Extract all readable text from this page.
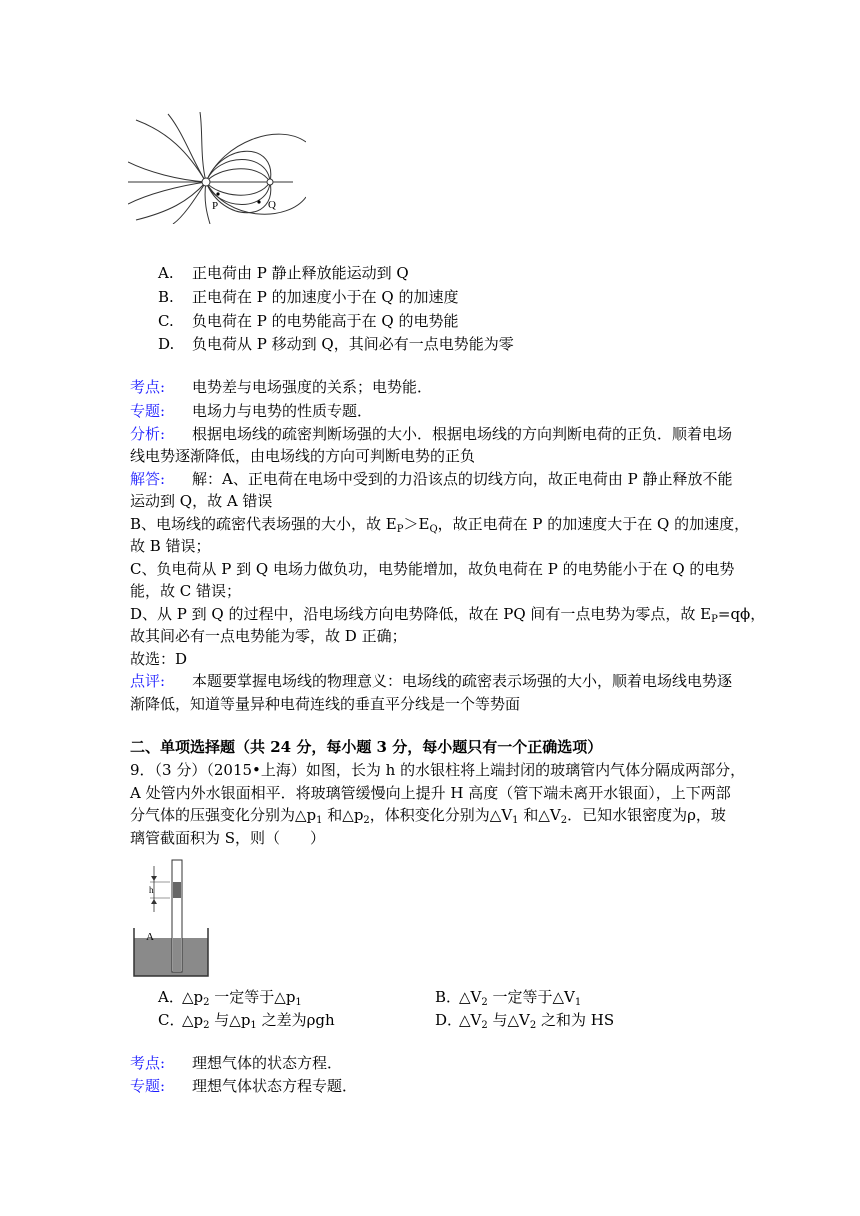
P	Q
A. 正电荷由 P 静止释放能运动到 Q
B. 正电荷在 P 的加速度小于在 Q 的加速度
C. 负电荷在 P 的电势能高于在 Q 的电势能
D. 负电荷从 P 移动到 Q，其间必有一点电势能为零
考点: 电势差与电场强度的关系；电势能．
专题: 电场力与电势的性质专题．
分析: 根据电场线的疏密判断场强的大小．根据电场线的方向判断电荷的正负．顺着电场
线电势逐渐降低，由电场线的方向可判断电势的正负
解答: 解：A、正电荷在电场中受到的力沿该点的切线方向，故正电荷由 P 静止释放不能
运动到 Q，故 A 错误
B、电场线的疏密代表场强的大小，故 $E_P>E_Q$，故正电荷在 P 的加速度大于在 Q 的加速度，
故 B 错误；
C、负电荷从 P 到 Q 电场力做负功，电势能增加，故负电荷在 P 的电势能小于在 Q 的电势
能，故 C 错误；
D、从 P 到 Q 的过程中，沿电场线方向电势降低，故在 PQ 间有一点电势为零点，故 $E_P=q\phi$，
故其间必有一点电势能为零，故 D 正确；
故选：D
点评: 本题要掌握电场线的物理意义：电场线的疏密表示场强的大小，顺着电场线电势逐
渐降低，知道等量异种电荷连线的垂直平分线是一个等势面
二、单项选择题（共 24 分，每小题 3 分，每小题只有一个正确选项）
9．（3 分）（2015•上海）如图，长为 h 的水银柱将上端封闭的玻璃管内气体分隔成两部分，
A 处管内外水银面相平．将玻璃管缓慢向上提升 H 高度（管下端未离开水银面），上下两部
分气体的压强变化分别为$\triangle p_1$ 和$\triangle p_2$，体积变化分别为$\triangle V_1$ 和$\triangle V_2$．已知水银密度为ρ，玻
璃管截面积为 S，则（　　）
h
A
A．$\triangle p_2$ 一定等于$\triangle p_1$	B．$\triangle V_2$ 一定等于$\triangle V_1$
C．$\triangle p_2$ 与$\triangle p_1$ 之差为ρgh	D．$\triangle V_2$ 与$\triangle V_2$ 之和为 HS
考点: 理想气体的状态方程．
专题: 理想气体状态方程专题．
